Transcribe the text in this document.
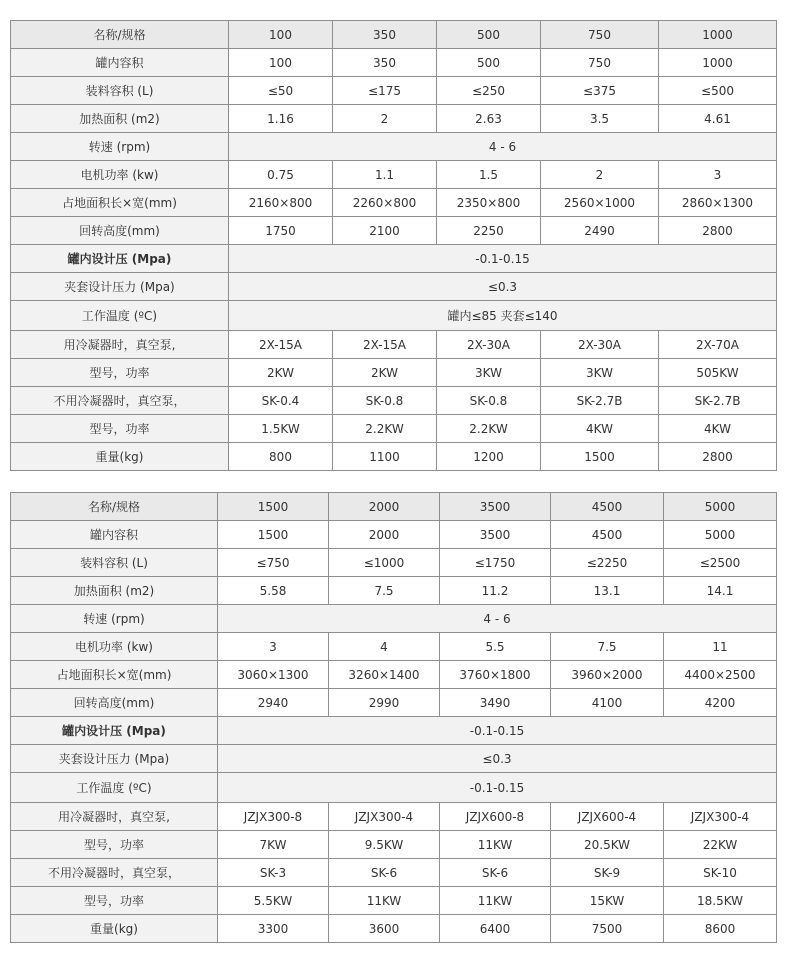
名称/规格	100	350	500	750	1000
罐内容积	100	350	500	750	1000
装料容积 (L)	≤50	≤175	≤250	≤375	≤500
加热面积 (m2)	1.16	2	2.63	3.5	4.61
转速 (rpm)	4 - 6				
电机功率 (kw)	0.75	1.1	1.5	2	3
占地面积长×宽(mm)	2160×800	2260×800	2350×800	2560×1000	2860×1300
回转高度(mm)	1750	2100	2250	2490	2800
罐内设计压 (Mpa)	-0.1-0.15				
夹套设计压力 (Mpa)	≤0.3				
工作温度 (ºC)	罐内≤85 夹套≤140				
用冷凝器时，真空泵,	2X-15A	2X-15A	2X-30A	2X-30A	2X-70A
型号，功率	2KW	2KW	3KW	3KW	505KW
不用冷凝器时，真空泵，	SK-0.4	SK-0.8	SK-0.8	SK-2.7B	SK-2.7B
型号，功率	1.5KW	2.2KW	2.2KW	4KW	4KW
重量(kg)	800	1100	1200	1500	2800
名称/规格	1500	2000	3500	4500	5000
罐内容积	1500	2000	3500	4500	5000
装料容积 (L)	≤750	≤1000	≤1750	≤2250	≤2500
加热面积 (m2)	5.58	7.5	11.2	13.1	14.1
转速 (rpm)	4 - 6				
电机功率 (kw)	3	4	5.5	7.5	11
占地面积长×宽(mm)	3060×1300	3260×1400	3760×1800	3960×2000	4400×2500
回转高度(mm)	2940	2990	3490	4100	4200
罐内设计压 (Mpa)	-0.1-0.15				
夹套设计压力 (Mpa)	≤0.3				
工作温度 (ºC)	-0.1-0.15				
用冷凝器时，真空泵,	JZJX300-8	JZJX300-4	JZJX600-8	JZJX600-4	JZJX300-4
型号，功率	7KW	9.5KW	11KW	20.5KW	22KW
不用冷凝器时，真空泵，	SK-3	SK-6	SK-6	SK-9	SK-10
型号，功率	5.5KW	11KW	11KW	15KW	18.5KW
重量(kg)	3300	3600	6400	7500	8600
